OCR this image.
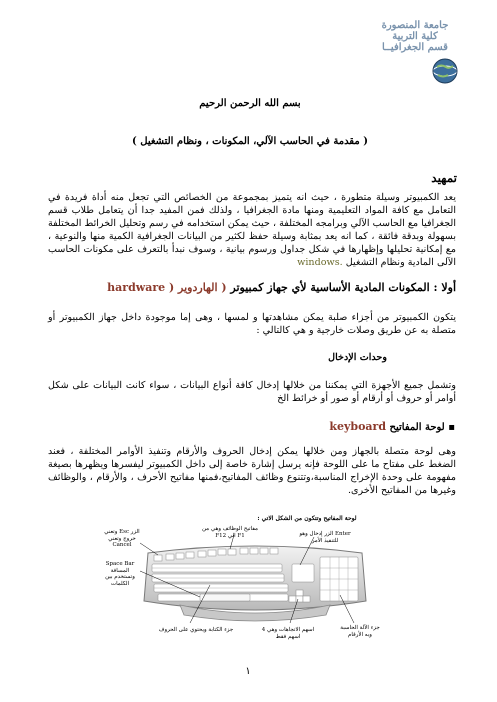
جامعة المنصورة
كلية التربية
قسم الجغرافيــا
بسم الله الرحمن الرحيم
( مقدمة في الحاسب الآلي، المكونات ، ونظام التشغيل )
تمهيد
يعد الكمبيوتر وسيلة متطورة ، حيث انه يتميز بمجموعة من الخصائص التي تجعل منه أداة فريدة في التعامل مع كافة المواد التعليمية ومنها مادة الجغرافيا ، ولذلك فمن المفيد جدا أن يتعامل طلاب قسم الجغرافيا مع الحاسب الآلي وبرامجه المختلفة ، حيث يمكن استخدامه في رسم وتحليل الخرائط المختلفة بسهولة وبدقة فائقة ، كما انه يعد بمثابة وسيلة حفظ لكثير من البيانات الجغرافية الكمية منها والنوعية ، مع إمكانية تحليلها وإظهارها في شكل جداول ورسوم بيانية ، وسوف نبدأ بالتعرف على مكونات الحاسب الآلى المادية ونظام التشغيل windows.
أولا : المكونات المادية الأساسية لأي جهاز كمبيوتر ( الهاردوير hardware )
يتكون الكمبيوتر من أجزاء صلبة يمكن مشاهدتها و لمسها ، وهى إما موجودة داخل جهاز الكمبيوتر أو متصلة به عن طريق وصلات خارجية و هي كالتالي :
وحدات الإدخال
وتشمل جميع الأجهزة التي يمكننا من خلالها إدخال كافة أنواع البيانات ، سواء كانت البيانات على شكل أوامر أو حروف أو أرقام أو صور أو خرائط الخ
▪ لوحة المفاتيح keyboard
وهى لوحة متصلة بالجهاز ومن خلالها يمكن إدخال الحروف والأرقام وتنفيذ الأوامر المختلفة ، فعند الضغط على مفتاح ما على اللوحة فإنه يرسل إشارة خاصة إلى داخل الكمبيوتر ليفسرها ويظهرها بصيغة مفهومة على وحدة الإخراج المناسبة،وتتنوع وظائف المفاتيح،فمنها مفاتيح الأحرف ، والأرقام ، والوظائف وغيرها من المفاتيح الأخرى.
لوحة المفاتيح وتتكون من الشكل الاتي :
الزر Esc وتعني خروج وتعني Cancel
مفاتيح الوظائف وهي من F1 الي F12	Enter الزر إدخال وهو للتنفيذ الأمر
Space Bar المسافة وتستخدم بين الكلمات
جزء الكتابة ويحتوي على الحروف	اسهم الاتجاهات وهي 4 اسهم فقط
جزء الآلة الحاسبة وبه الأرقام
١
